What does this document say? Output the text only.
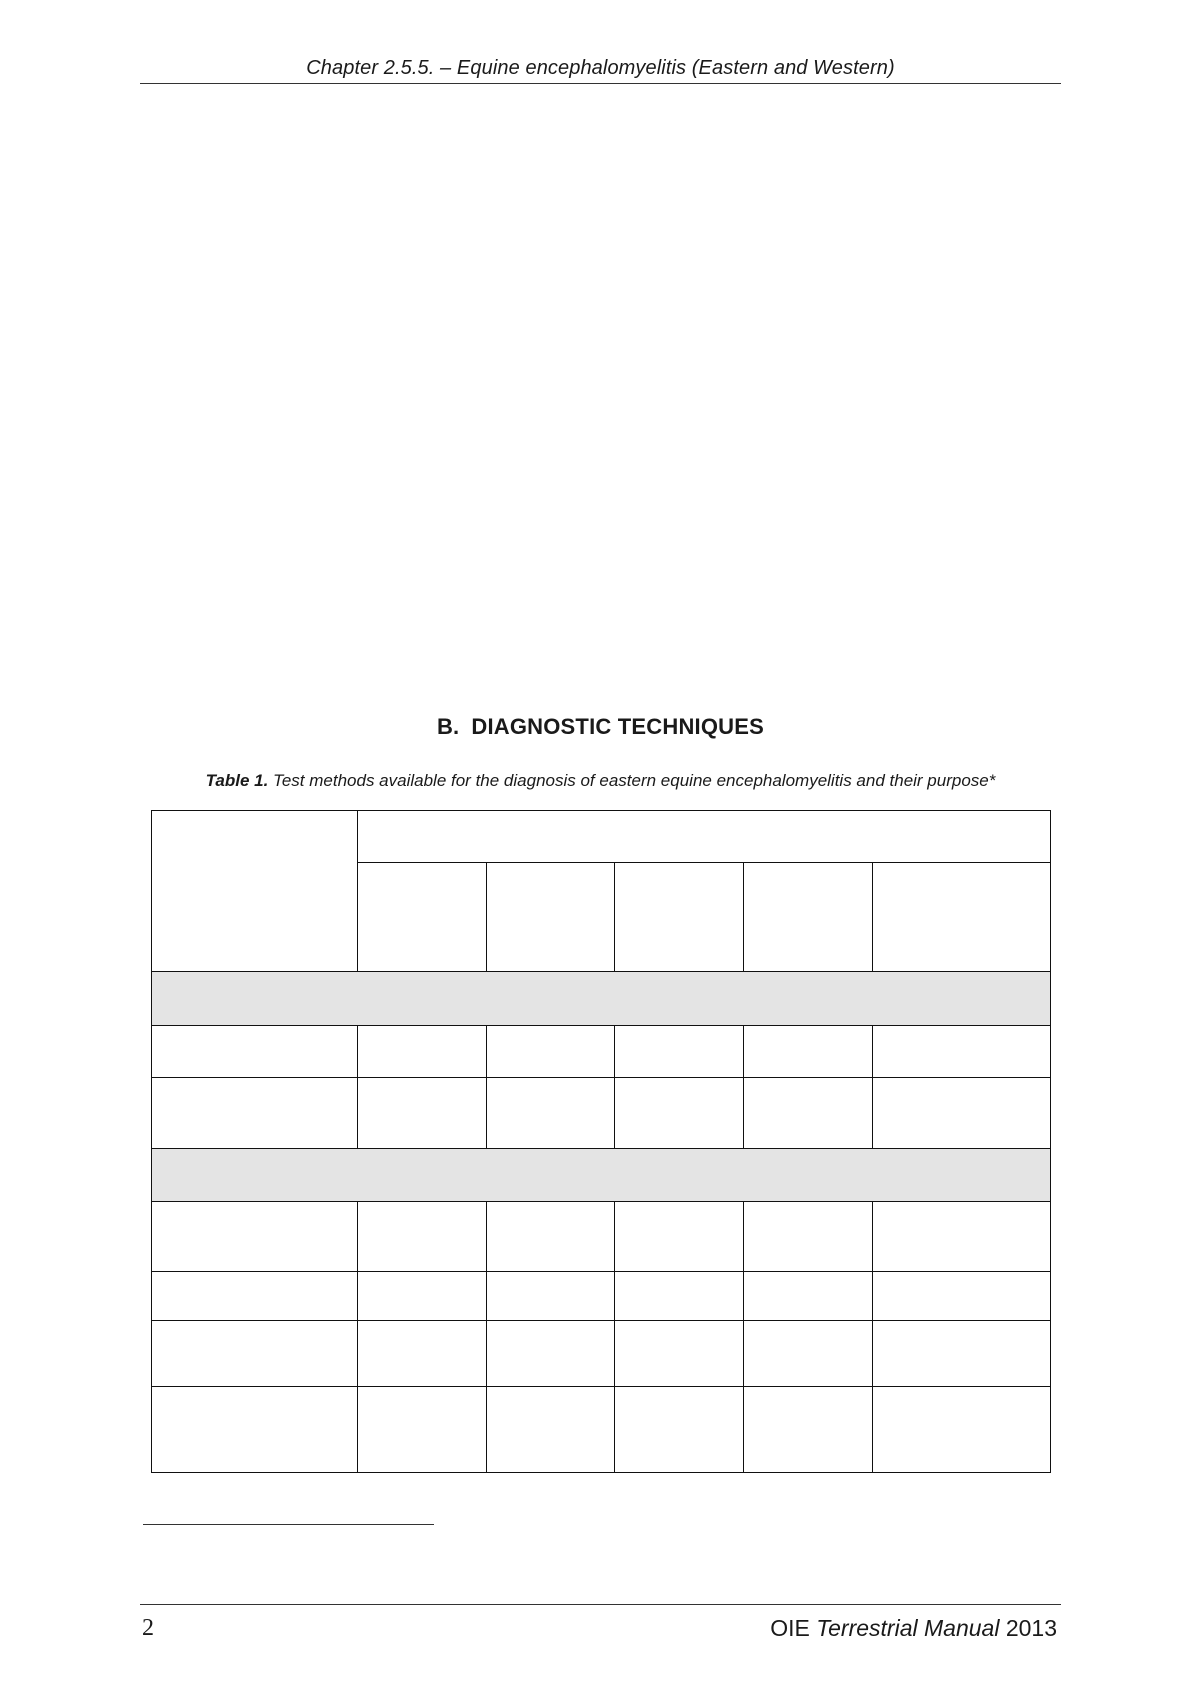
Chapter 2.5.5. – Equine encephalomyelitis (Eastern and Western)
B. DIAGNOSTIC TECHNIQUES
Table 1. Test methods available for the diagnosis of eastern equine encephalomyelitis and their purpose*

2	OIE Terrestrial Manual 2013
